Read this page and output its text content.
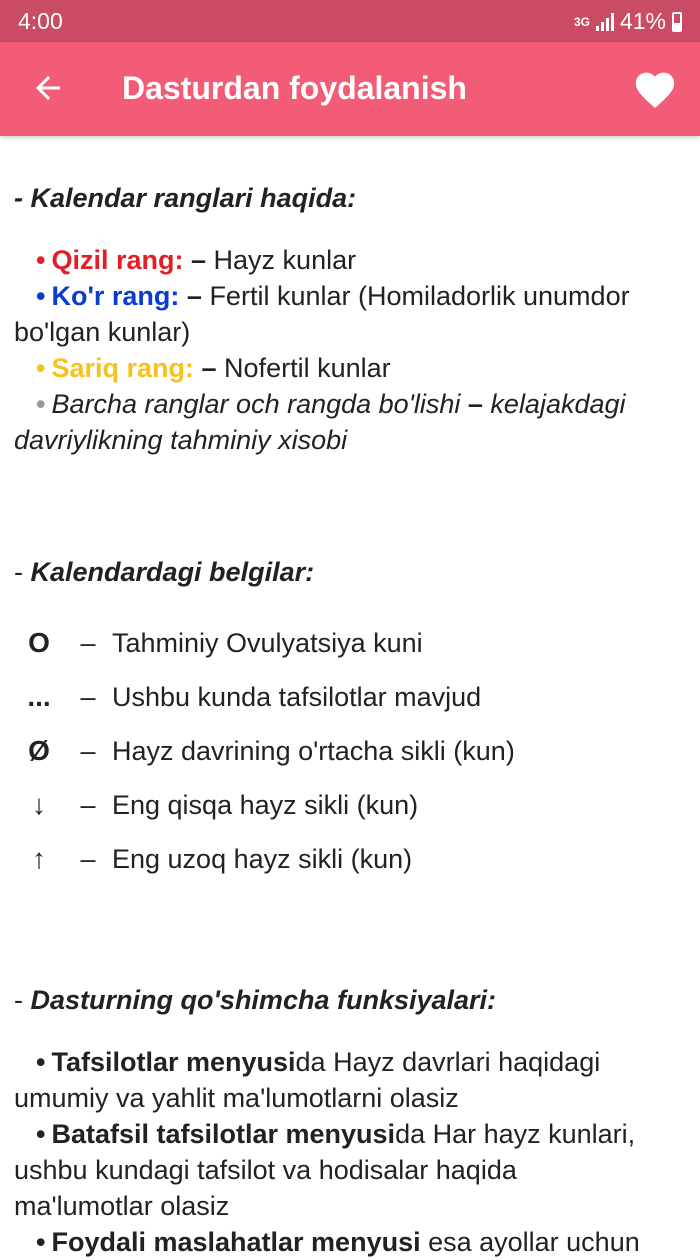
4:00	3G 41%
Dasturdan foydalanish

- Kalendar ranglari haqida:

• Qizil rang: – Hayz kunlar
• Ko'r rang: – Fertil kunlar (Homiladorlik unumdor
bo'lgan kunlar)
• Sariq rang: – Nofertil kunlar
• Barcha ranglar och rangda bo'lishi – kelajakdagi
davriylikning tahminiy xisobi

- Kalendardagi belgilar:

O	– Tahminiy Ovulyatsiya kuni
...	– Ushbu kunda tafsilotlar mavjud
Ø	– Hayz davrining o'rtacha sikli (kun)
↓	– Eng qisqa hayz sikli (kun)
↑	– Eng uzoq hayz sikli (kun)

- Dasturning qo'shimcha funksiyalari:

• Tafsilotlar menyusida Hayz davrlari haqidagi
umumiy va yahlit ma'lumotlarni olasiz
• Batafsil tafsilotlar menyusida Har hayz kunlari,
ushbu kundagi tafsilot va hodisalar haqida
ma'lumotlar olasiz
• Foydali maslahatlar menyusi esa ayollar uchun
